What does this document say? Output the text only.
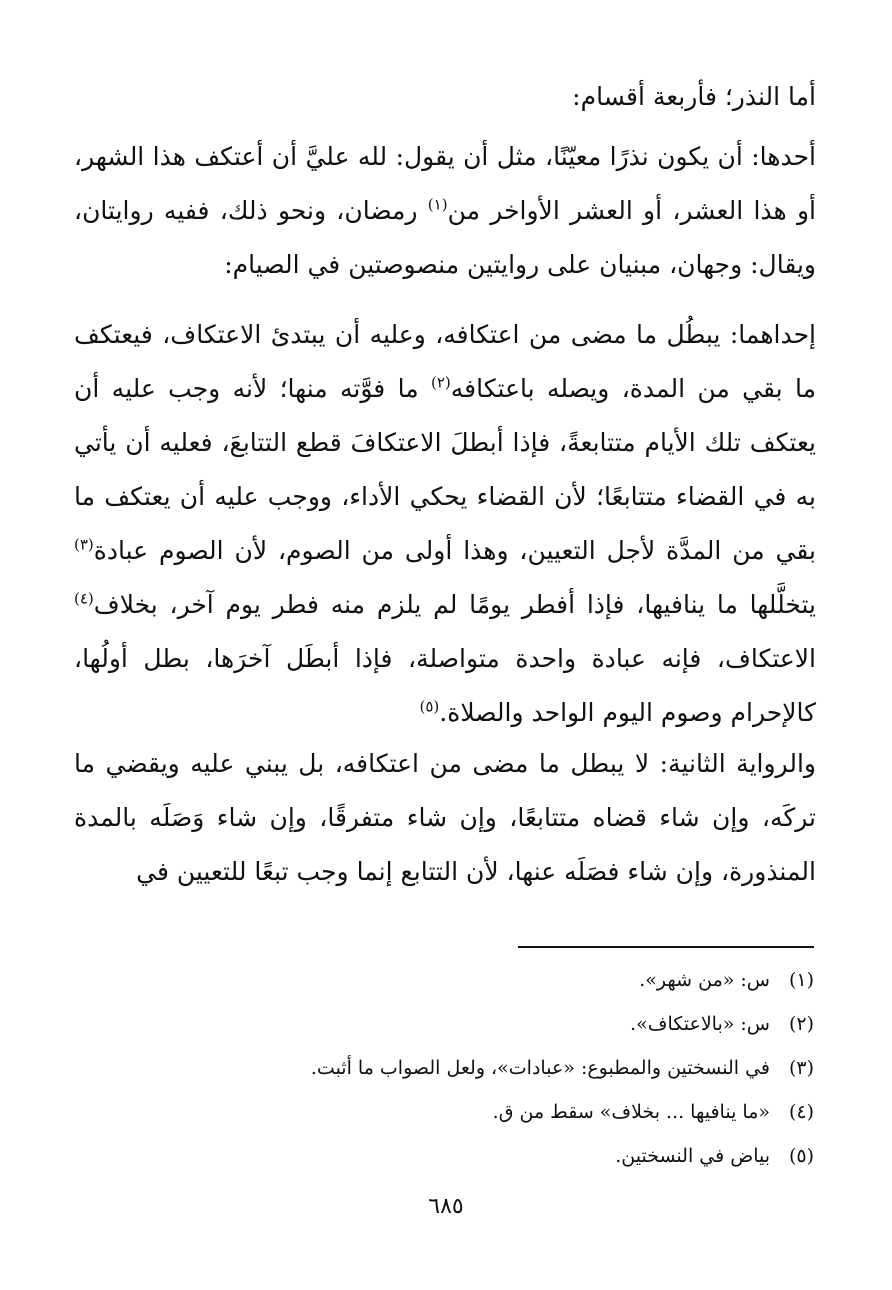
أما النذر؛ فأربعة أقسام:

أحدها: أن يكون نذرًا معيّنًا، مثل أن يقول: لله عليَّ أن أعتكف هذا الشهر، أو هذا العشر، أو العشر الأواخر من$^{(١)}$ رمضان، ونحو ذلك، ففيه روايتان، ويقال: وجهان، مبنيان على روايتين منصوصتين في الصيام:

إحداهما: يبطُل ما مضى من اعتكافه، وعليه أن يبتدئ الاعتكاف، فيعتكف ما بقي من المدة، ويصله باعتكافه$^{(٢)}$ ما فوَّته منها؛ لأنه وجب عليه أن يعتكف تلك الأيام متتابعةً، فإذا أبطلَ الاعتكافَ قطع التتابعَ، فعليه أن يأتي به في القضاء متتابعًا؛ لأن القضاء يحكي الأداء، ووجب عليه أن يعتكف ما بقي من المدَّة لأجل التعيين، وهذا أولى من الصوم، لأن الصوم عبادة$^{(٣)}$ يتخلَّلها ما ينافيها، فإذا أفطر يومًا لم يلزم منه فطر يوم آخر، بخلاف$^{(٤)}$ الاعتكاف، فإنه عبادة واحدة متواصلة، فإذا أبطَل آخرَها، بطل أولُها، كالإحرام وصوم اليوم الواحد والصلاة.$^{(٥)}$

والرواية الثانية: لا يبطل ما مضى من اعتكافه، بل يبني عليه ويقضي ما تركَه، وإن شاء قضاه متتابعًا، وإن شاء متفرقًا، وإن شاء وَصَلَه بالمدة المنذورة، وإن شاء فصَلَه عنها، لأن التتابع إنما وجب تبعًا للتعيين في

(١)
س: «من شهر».
(٢)
س: «بالاعتكاف».
(٣)
في النسختين والمطبوع: «عبادات»، ولعل الصواب ما أثبت.
(٤)
«ما ينافيها ... بخلاف» سقط من ق.
(٥)
بياض في النسختين.
٦٨٥
